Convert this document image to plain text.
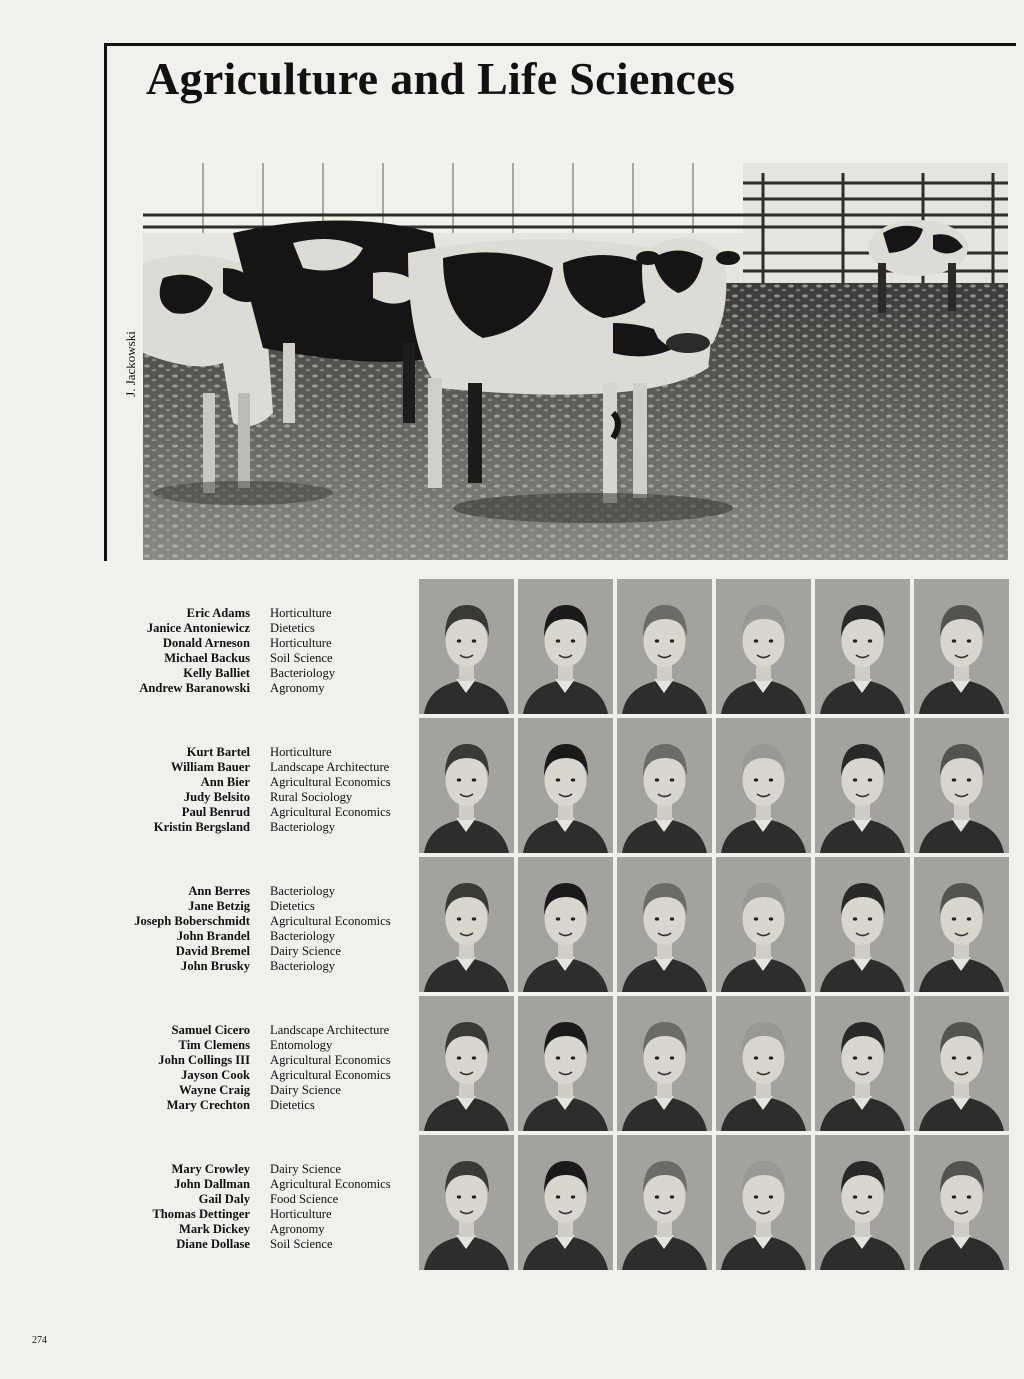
Agriculture and Life Sciences
J. Jackowski
Eric Adams
Janice Antoniewicz
Donald Arneson
Michael Backus
Kelly Balliet
Andrew Baranowski
Horticulture
Dietetics
Horticulture
Soil Science
Bacteriology
Agronomy
Kurt Bartel
William Bauer
Ann Bier
Judy Belsito
Paul Benrud
Kristin Bergsland
Horticulture
Landscape Architecture
Agricultural Economics
Rural Sociology
Agricultural Economics
Bacteriology
Ann Berres
Jane Betzig
Joseph Boberschmidt
John Brandel
David Bremel
John Brusky
Bacteriology
Dietetics
Agricultural Economics
Bacteriology
Dairy Science
Bacteriology
Samuel Cicero
Tim Clemens
John Collings III
Jayson Cook
Wayne Craig
Mary Crechton
Landscape Architecture
Entomology
Agricultural Economics
Agricultural Economics
Dairy Science
Dietetics
Mary Crowley
John Dallman
Gail Daly
Thomas Dettinger
Mark Dickey
Diane Dollase
Dairy Science
Agricultural Economics
Food Science
Horticulture
Agronomy
Soil Science
274
